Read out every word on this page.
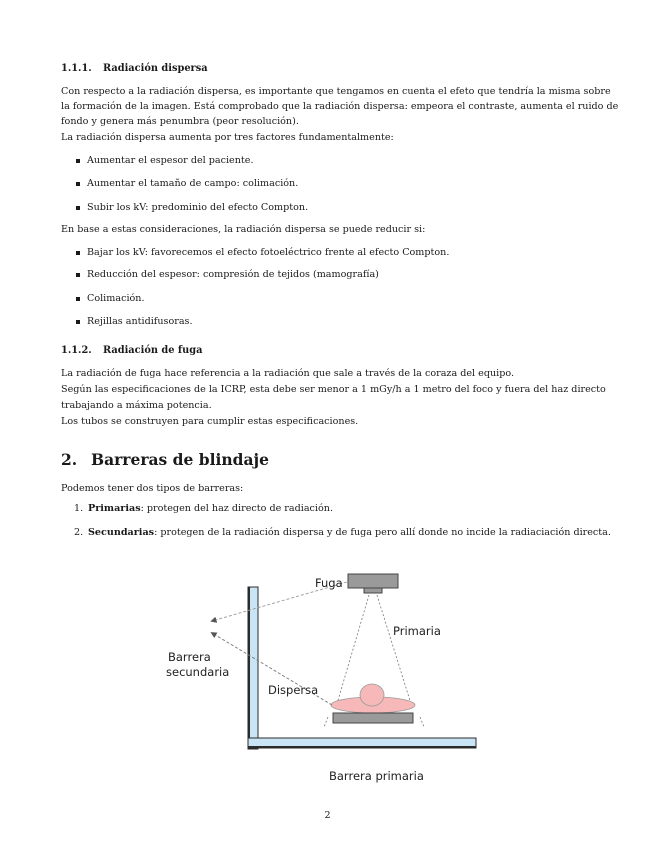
1.1.1. Radiación dispersa
Con respecto a la radiación dispersa, es importante que tengamos en cuenta el efeto que tendría la misma sobre
la formación de la imagen. Está comprobado que la radiación dispersa: empeora el contraste, aumenta el ruido de
fondo y genera más penumbra (peor resolución).
La radiación dispersa aumenta por tres factores fundamentalmente:
Aumentar el espesor del paciente.
Aumentar el tamaño de campo: colimación.
Subir los kV: predominio del efecto Compton.
En base a estas consideraciones, la radiación dispersa se puede reducir si:
Bajar los kV: favorecemos el efecto fotoeléctrico frente al efecto Compton.
Reducción del espesor: compresión de tejidos (mamografía)
Colimación.
Rejillas antidifusoras.
1.1.2. Radiación de fuga
La radiación de fuga hace referencia a la radiación que sale a través de la coraza del equipo.
Según las especificaciones de la ICRP, esta debe ser menor a 1 mGy/h a 1 metro del foco y fuera del haz directo
trabajando a máxima potencia.
Los tubos se construyen para cumplir estas especificaciones.
2. Barreras de blindaje
Podemos tener dos tipos de barreras:
1. Primarias: protegen del haz directo de radiación.
2. Secundarias: protegen de la radiación dispersa y de fuga pero allí donde no incide la radiaciación directa.
Fuga
Primaria
Barrera
secundaria
Dispersa
Barrera primaria
2
